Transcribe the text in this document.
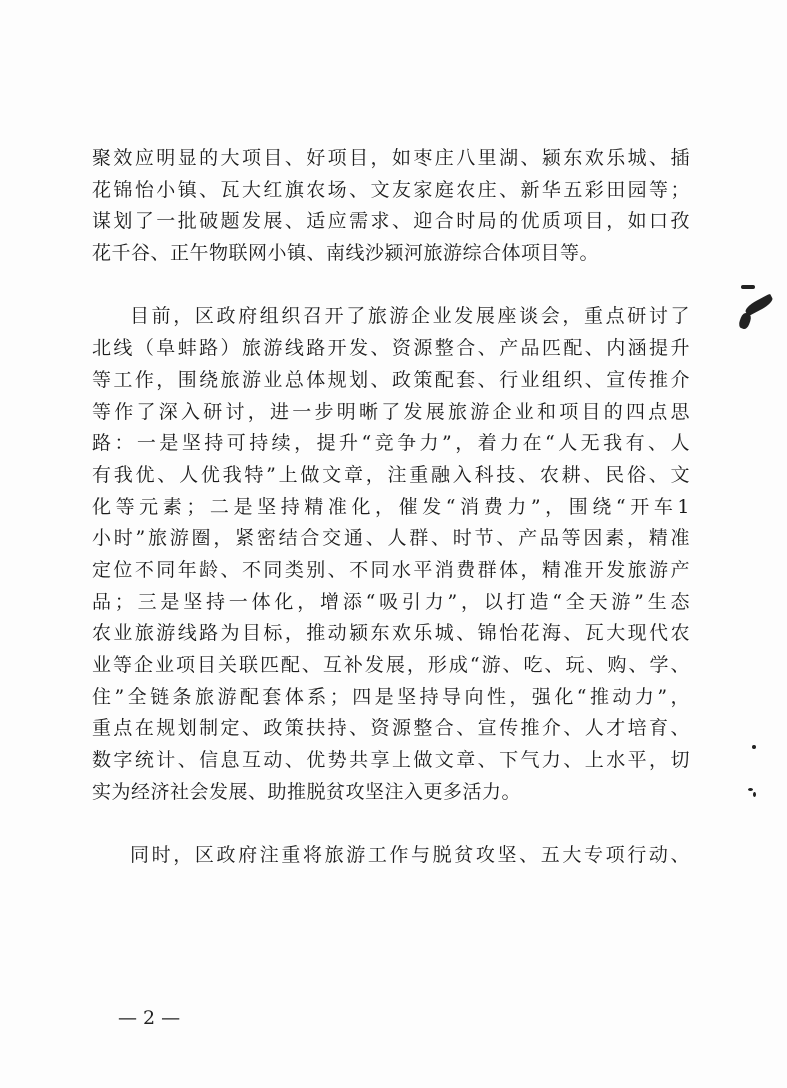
聚效应明显的大项目、好项目，如枣庄八里湖、颍东欢乐城、插
花锦怡小镇、瓦大红旗农场、文友家庭农庄、新华五彩田园等；
谋划了一批破题发展、适应需求、迎合时局的优质项目，如口孜
花千谷、正午物联网小镇、南线沙颍河旅游综合体项目等。
目前，区政府组织召开了旅游企业发展座谈会，重点研讨了
北线（阜蚌路）旅游线路开发、资源整合、产品匹配、内涵提升
等工作，围绕旅游业总体规划、政策配套、行业组织、宣传推介
等作了深入研讨，进一步明晰了发展旅游企业和项目的四点思
路：一是坚持可持续，提升“竞争力”，着力在“人无我有、人
有我优、人优我特”上做文章，注重融入科技、农耕、民俗、文
化等元素；二是坚持精准化，催发“消费力”，围绕“开车1
小时”旅游圈，紧密结合交通、人群、时节、产品等因素，精准
定位不同年龄、不同类别、不同水平消费群体，精准开发旅游产
品；三是坚持一体化，增添“吸引力”，以打造“全天游”生态
农业旅游线路为目标，推动颍东欢乐城、锦怡花海、瓦大现代农
业等企业项目关联匹配、互补发展，形成“游、吃、玩、购、学、
住”全链条旅游配套体系；四是坚持导向性，强化“推动力”，
重点在规划制定、政策扶持、资源整合、宣传推介、人才培育、
数字统计、信息互动、优势共享上做文章、下气力、上水平，切
实为经济社会发展、助推脱贫攻坚注入更多活力。
同时，区政府注重将旅游工作与脱贫攻坚、五大专项行动、
— 2 —
